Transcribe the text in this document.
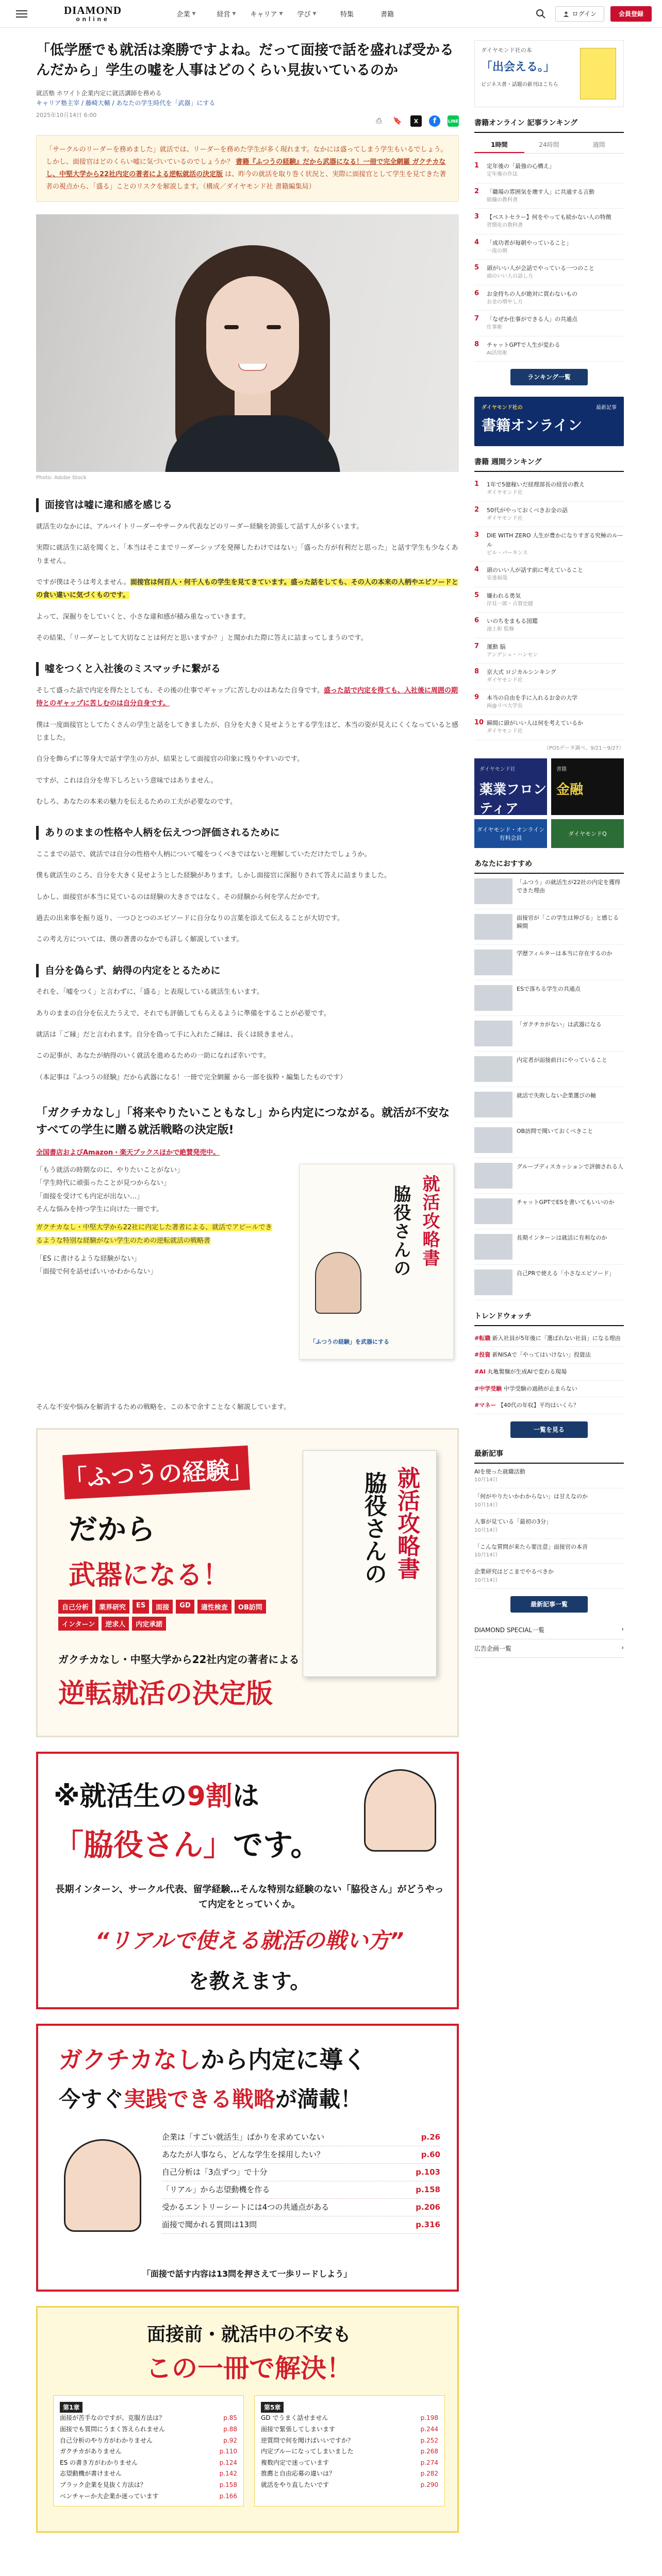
DIAMOND
online
企業 ▼	経営 ▼ キャリア ▼ 学び ▼	特集	書籍	ログイン	会員登録
「低学歴でも就活は楽勝ですよね。だって面接で話を盛れば受かるんだから」学生の嘘を人事はどのくらい見抜いているのか
就活塾 ホワイト企業内定に就活講師を務める
キャリア塾主宰 / 藤崎大輔 / あなたの学生時代を「武器」にする
2025年10月14日 6:00
⎙	🔖	X	f	LINE
「サークルのリーダーを務めました」就活では、リーダーを務めた学生が多く現れます。なかには盛ってしまう学生もいるでしょう。しかし、面接官はどのくらい嘘に気づいているのでしょうか？ 書籍『ふつうの経験』だから武器になる！一冊で完全網羅 ガクチカなし、中堅大学から22社内定の著者による逆転就活の決定版 は、昨今の就活を取り巻く状況と、実際に面接官として学生を見てきた著者の視点から、「盛る」ことのリスクを解説します。（構成／ダイヤモンド社 書籍編集局）
Photo: Adobe Stock
面接官は嘘に違和感を感じる

就活生のなかには、アルバイトリーダーやサークル代表などのリーダー経験を誇張して話す人が多くいます。

実際に就活生に話を聞くと、「本当はそこまでリーダーシップを発揮したわけではない」「盛った方が有利だと思った」と話す学生も少なくありません。

ですが僕はそうは考えません。面接官は何百人・何千人もの学生を見てきています。盛った話をしても、その人の本来の人柄やエピソードとの食い違いに気づくものです。

よって、深掘りをしていくと、小さな違和感が積み重なっていきます。

その結果、「リーダーとして大切なことは何だと思いますか？」と聞かれた際に答えに詰まってしまうのです。

嘘をつくと入社後のミスマッチに繋がる

そして盛った話で内定を得たとしても、その後の仕事でギャップに苦しむのはあなた自身です。盛った話で内定を得ても、入社後に周囲の期待とのギャップに苦しむのは自分自身です。

僕は一度面接官としてたくさんの学生と話をしてきましたが、自分を大きく見せようとする学生ほど、本当の姿が見えにくくなっていると感じました。

自分を飾らずに等身大で話す学生の方が、結果として面接官の印象に残りやすいのです。

ですが、これは自分を卑下しろという意味ではありません。

むしろ、あなたの本来の魅力を伝えるための工夫が必要なのです。

ありのままの性格や人柄を伝えつつ評価されるために

ここまでの話で、就活では自分の性格や人柄について嘘をつくべきではないと理解していただけたでしょうか。

僕も就活生のころ、自分を大きく見せようとした経験があります。しかし面接官に深掘りされて答えに詰まりました。

しかし、面接官が本当に見ているのは経験の大きさではなく、その経験から何を学んだかです。

過去の出来事を振り返り、一つひとつのエピソードに自分なりの言葉を添えて伝えることが大切です。

この考え方については、僕の著書のなかでも詳しく解説しています。

自分を偽らず、納得の内定をとるために

それを、「嘘をつく」と言わずに、「盛る」と表現している就活生もいます。

ありのままの自分を伝えたうえで、それでも評価してもらえるように準備をすることが必要です。

就活は「ご縁」だと言われます。自分を偽って手に入れたご縁は、長くは続きません。

この記事が、あなたが納得のいく就活を進めるための一助になれば幸いです。

（本記事は『ふつうの経験』だから武器になる！一冊で完全網羅 から一部を抜粋・編集したものです）

「ガクチカなし」「将来やりたいこともなし」から内定につながる。就活が不安なすべての学生に贈る就活戦略の決定版!
全国書店およびAmazon・楽天ブックスほかで絶賛発売中。

「もう就活の時期なのに、やりたいことがない」

「学生時代に頑張ったことが見つからない」

「面接を受けても内定が出ない…」

そんな悩みを持つ学生に向けた一冊です。

ガクチカなし・中堅大学から22社に内定した著者による、就活でアピールできるような特別な経験がない学生のための逆転就活の戦略書

「ES に書けるような経験がない」

「面接で何を話せばいいかわからない」	脇役さんの 就活攻略書
「ふつうの経験」を武器にする

そんな不安や悩みを解消するための戦略を、この本で余すことなく解説しています。

「ふつうの経験」
だから
武器になる！
自己分析	業界研究	ES	面接	GD	適性検査	OB訪問
インターン	逆求人	内定承諾
ガクチカなし・中堅大学から22社内定の著者による
逆転就活の決定版
脇役さんの 就活攻略書
※就活生の9割は
「脇役さん」です。
長期インターン、サークル代表、留学経験…そんな特別な経験のない「脇役さん」がどうやって内定をとっていくか。
“リアルで使える就活の戦い方”
を教えます。
ガクチカなしから内定に導く
今すぐ実践できる戦略が満載！
企業は「すごい就活生」ばかりを求めていない	p.26
あなたが人事なら、どんな学生を採用したい？	p.60
自己分析は「3点ずつ」で十分	p.103
「リアル」から志望動機を作る	p.158
受かるエントリーシートには4つの共通点がある	p.206
面接で聞かれる質問は13問	p.316
「面接で話す内容は13問を押さえて一歩リードしよう」
面接前・就活中の不安も
この一冊で解決！
第1章
面接が苦手なのですが、克服方法は？	p.85
面接でも質問にうまく答えられません	p.88
自己分析のやり方がわかりません	p.92
ガクチカがありません	p.110
ES の書き方がわかりません	p.124
志望動機が書けません	p.142
ブラック企業を見抜く方法は？	p.158
ベンチャーか大企業か迷っています	p.166
第5章
GD でうまく話せません	p.198
面接で緊張してしまいます	p.244
逆質問で何を聞けばいいですか？	p.252
内定ブルーになってしまいました	p.268
複数内定で迷っています	p.274
推薦と自由応募の違いは？	p.282
就活をやり直したいです	p.290
ダイヤモンド社の本
「出会える。」
ビジネス書・話題の新刊はこちら
書籍オンライン 記事ランキング
1時間	24時間	週間
1	定年後の「最強の心構え」
定年後の作法
2	「職場の雰囲気を壊す人」に共通する言動
組織の教科書
3	【ベストセラー】何をやっても続かない人の特徴
習慣化の教科書
4	「成功者が毎朝やっていること」
一流の朝
5	頭がいい人が会話でやっている一つのこと
頭のいい人の話し方
6	お金持ちの人が絶対に買わないもの
お金の増やし方
7	「なぜか仕事ができる人」の共通点
仕事術
8	チャットGPTで人生が変わる
AI活用術
ランキング一覧
ダイヤモンド社の
書籍オンライン
最新記事
書籍 週間ランキング
1	1年で5億稼いだ経理部長の経営の教え
ダイヤモンド社
2	50代がやっておくべきお金の話
ダイヤモンド社
3	DIE WITH ZERO 人生が豊かになりすぎる究極のルール
ビル・パーキンス
4	頭のいい人が話す前に考えていること
安達裕哉
5	嫌われる勇気
岸見一郎・古賀史健
6	いのちをまもる図鑑
池上彰 監修
7	運動 脳
アンデシュ・ハンセン
8	京大式 ロジカルシンキング
ダイヤモンド社
9	本当の自由を手に入れるお金の大学
両@リベ大学長
10 瞬間に頭がいい人は何を考えているか
ダイヤモンド社
（POSデータ調べ、9/21〜9/27）
ダイヤモンド社
薬業フロンティア
書籍
金融
ダイヤモンド・オンライン 有料会員
ダイヤモンドQ
あなたにおすすめ
「ふつう」の就活生が22社の内定を獲得できた理由
面接官が「この学生は伸びる」と感じる瞬間
学歴フィルターは本当に存在するのか
ESで落ちる学生の共通点
「ガクチカがない」は武器になる
内定者が面接前日にやっていること
就活で失敗しない企業選びの軸
OB訪問で聞いておくべきこと
グループディスカッションで評価される人
チャットGPTでESを書いてもいいのか
長期インターンは就活に有利なのか
自己PRで使える「小さなエピソード」
トレンドウォッチ
#転職 新入社員が5年後に「選ばれない社員」になる理由
#投資 新NISAで「やってはいけない」投資法
#AI 丸亀製麺が生成AIで変わる現場
#中学受験 中学受験の過熱が止まらない
#マネー 【40代の年収】平均はいくら？
一覧を見る
最新記事
AIを使った就職活動
10月14日
「何がやりたいかわからない」は甘えなのか
10月14日
人事が見ている「最初の3分」
10月14日
「こんな質問が来たら要注意」面接官の本音
10月14日
企業研究はどこまでやるべきか
10月14日
最新記事一覧
DIAMOND SPECIAL一覧	›
広告企画一覧	›
